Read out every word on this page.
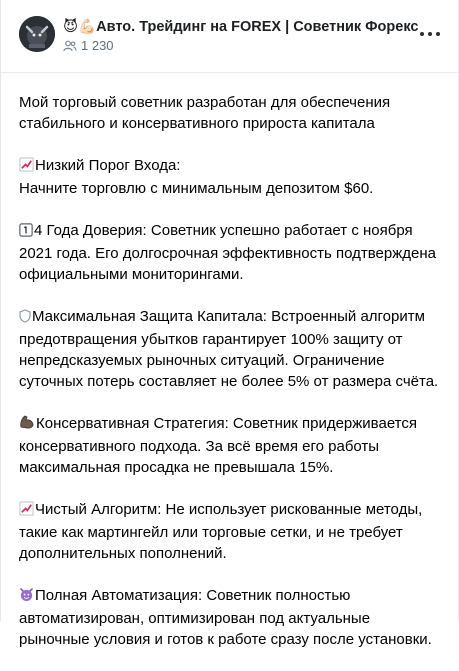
😈💪🏻Авто. Трейдинг на FOREX | Советник Форекс
1 230

Мой торговый советник разработан для обеспечения стабильного и консервативного прироста капитала

Низкий Порог Входа:
Начните торговлю с минимальным депозитом $60.

4 Года Доверия: Советник успешно работает с ноября 2021 года. Его долгосрочная эффективность подтверждена официальными мониторингами.

Максимальная Защита Капитала: Встроенный алгоритм предотвращения убытков гарантирует 100% защиту от непредсказуемых рыночных ситуаций. Ограничение суточных потерь составляет не более 5% от размера счёта.

Консервативная Стратегия: Советник придерживается консервативного подхода. За всё время его работы максимальная просадка не превышала 15%.

Чистый Алгоритм: Не использует рискованные методы, такие как мартингейл или торговые сетки, и не требует дополнительных пополнений.

Полная Автоматизация: Советник полностью автоматизирован, оптимизирован под актуальные рыночные условия и готов к работе сразу после установки.
